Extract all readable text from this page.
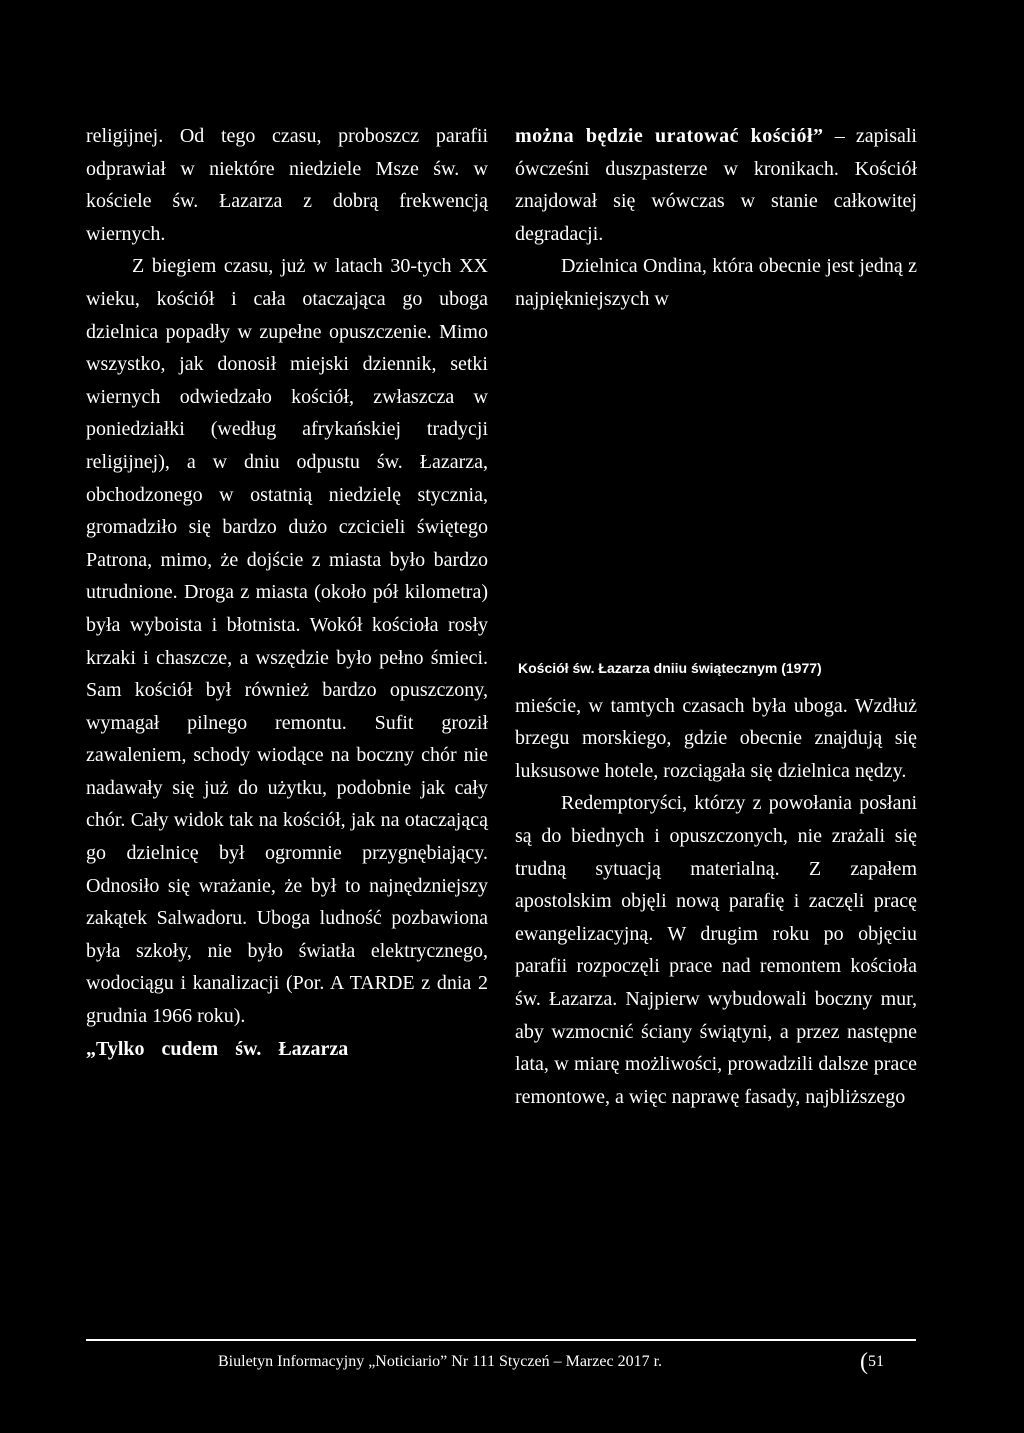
religijnej. Od tego czasu, proboszcz parafii odprawiał w niektóre niedziele Msze św. w kościele św. Łazarza z dobrą frekwencją wiernych.

Z biegiem czasu, już w latach 30-tych XX wieku, kościół i cała otaczająca go uboga dzielnica popadły w zupełne opuszczenie. Mimo wszystko, jak donosił miejski dziennik, setki wiernych odwiedzało kościół, zwłaszcza w poniedziałki (według afrykańskiej tradycji religijnej), a w dniu odpustu św. Łazarza, obchodzonego w ostatnią niedzielę stycznia, gromadziło się bardzo dużo czcicieli świętego Patrona, mimo, że dojście z miasta było bardzo utrudnione. Droga z miasta (około pół kilometra) była wyboista i błotnista. Wokół kościoła rosły krzaki i chaszcze, a wszędzie było pełno śmieci. Sam kościół był również bardzo opuszczony, wymagał pilnego remontu. Sufit groził zawaleniem, schody wiodące na boczny chór nie nadawały się już do użytku, podobnie jak cały chór. Cały widok tak na kościół, jak na otaczającą go dzielnicę był ogromnie przygnębiający. Odnosiło się wrażanie, że był to najnędzniejszy zakątek Salwadoru. Uboga ludność pozbawiona była szkoły, nie było światła elektrycznego, wodociągu i kanalizacji (Por. A TARDE z dnia 2 grudnia 1966 roku).

„Tylko cudem św. Łazarza

można będzie uratować kościół” – zapisali ówcześni duszpasterze w kronikach. Kościół znajdował się wówczas w stanie całkowitej degradacji.

Dzielnica Ondina, która obecnie jest jedną z najpiękniejszych w

Kościół św. Łazarza dniiu świątecznym (1977)

mieście, w tamtych czasach była uboga. Wzdłuż brzegu morskiego, gdzie obecnie znajdują się luksusowe hotele, rozciągała się dzielnica nędzy.

Redemptoryści, którzy z powołania posłani są do biednych i opuszczonych, nie zrażali się trudną sytuacją materialną. Z zapałem apostolskim objęli nową parafię i zaczęli pracę ewangelizacyjną. W drugim roku po objęciu parafii rozpoczęli prace nad remontem kościoła św. Łazarza. Najpierw wybudowali boczny mur, aby wzmocnić ściany świątyni, a przez następne lata, w miarę możliwości, prowadzili dalsze prace remontowe, a więc naprawę fasady, najbliższego

Biuletyn Informacyjny „Noticiario” Nr 111 Styczeń – Marzec 2017 r.	(51
